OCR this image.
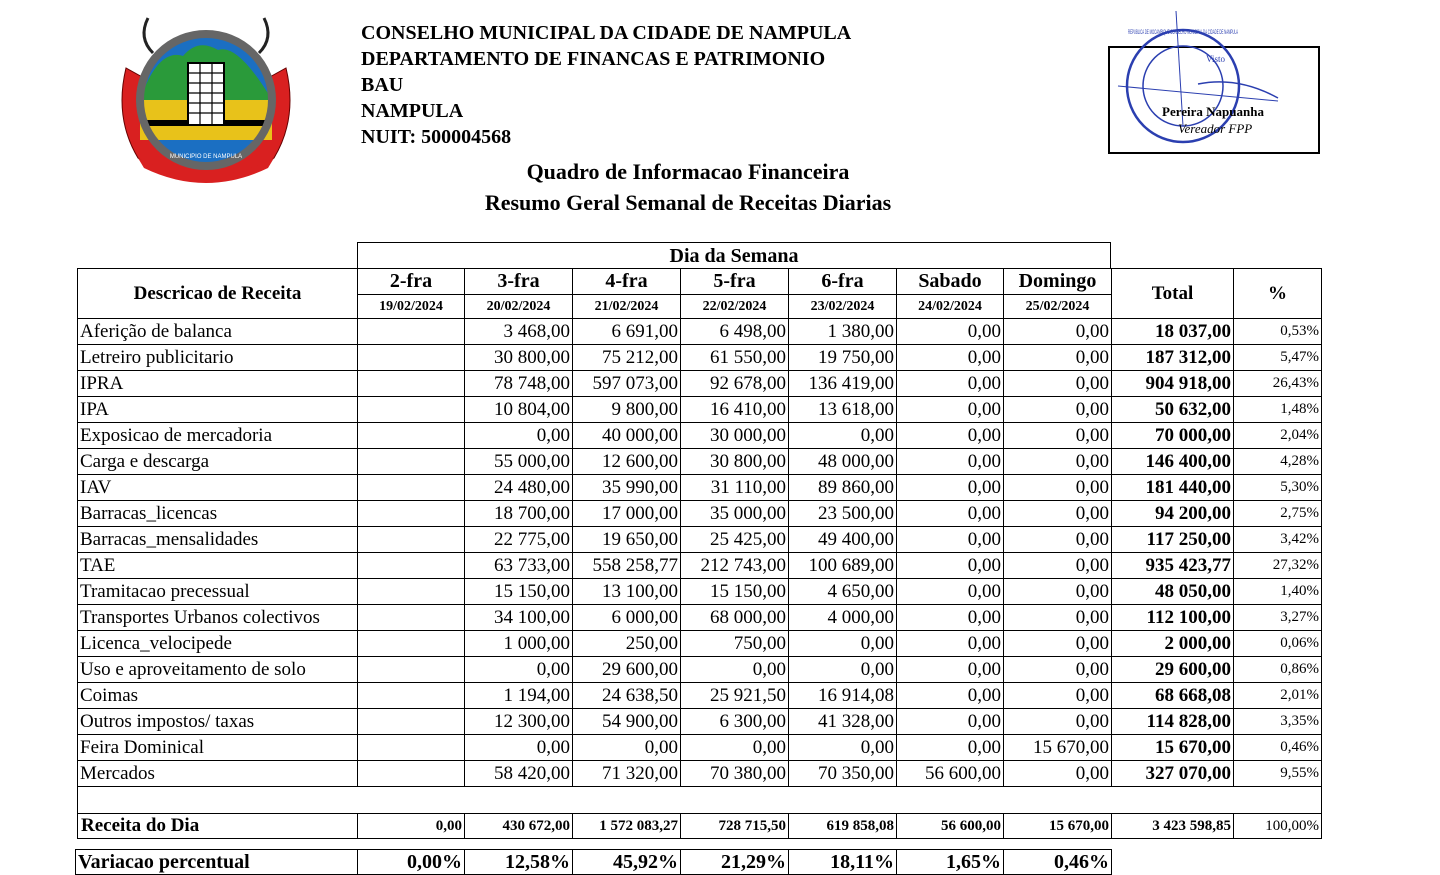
MUNICIPIO DE NAMPULA
CONSELHO MUNICIPAL DA CIDADE DE NAMPULA
DEPARTAMENTO DE FINANCAS E PATRIMONIO
BAU
NAMPULA
NUIT: 500004568
Quadro de Informacao Financeira
Resumo Geral Semanal de Receitas Diarias
REPUBLICA DE MOCAMBIQUE CONSELHO MUNICIPAL DA CIDADE DE NAMPULA
Visto
Pereira Napuanha
Vereador FPP
Dia da Semana
Descricao de Receita	2-fra	3-fra	4-fra	5-fra	6-fra	Sabado	Domingo	Total	%
	19/02/2024	20/02/2024	21/02/2024	22/02/2024	23/02/2024	24/02/2024	25/02/2024		
Aferição de balanca		3 468,00	6 691,00	6 498,00	1 380,00	0,00	0,00	18 037,00	0,53%
Letreiro publicitario		30 800,00	75 212,00	61 550,00	19 750,00	0,00	0,00	187 312,00	5,47%
IPRA		78 748,00	597 073,00	92 678,00	136 419,00	0,00	0,00	904 918,00	26,43%
IPA		10 804,00	9 800,00	16 410,00	13 618,00	0,00	0,00	50 632,00	1,48%
Exposicao de mercadoria		0,00	40 000,00	30 000,00	0,00	0,00	0,00	70 000,00	2,04%
Carga e descarga		55 000,00	12 600,00	30 800,00	48 000,00	0,00	0,00	146 400,00	4,28%
IAV		24 480,00	35 990,00	31 110,00	89 860,00	0,00	0,00	181 440,00	5,30%
Barracas_licencas		18 700,00	17 000,00	35 000,00	23 500,00	0,00	0,00	94 200,00	2,75%
Barracas_mensalidades		22 775,00	19 650,00	25 425,00	49 400,00	0,00	0,00	117 250,00	3,42%
TAE		63 733,00	558 258,77	212 743,00	100 689,00	0,00	0,00	935 423,77	27,32%
Tramitacao precessual		15 150,00	13 100,00	15 150,00	4 650,00	0,00	0,00	48 050,00	1,40%
Transportes Urbanos colectivos		34 100,00	6 000,00	68 000,00	4 000,00	0,00	0,00	112 100,00	3,27%
Licenca_velocipede		1 000,00	250,00	750,00	0,00	0,00	0,00	2 000,00	0,06%
Uso e aproveitamento de solo		0,00	29 600,00	0,00	0,00	0,00	0,00	29 600,00	0,86%
Coimas		1 194,00	24 638,50	25 921,50	16 914,08	0,00	0,00	68 668,08	2,01%
Outros impostos/ taxas		12 300,00	54 900,00	6 300,00	41 328,00	0,00	0,00	114 828,00	3,35%
Feira Dominical		0,00	0,00	0,00	0,00	0,00	15 670,00	15 670,00	0,46%
Mercados		58 420,00	71 320,00	70 380,00	70 350,00	56 600,00	0,00	327 070,00	9,55%

Receita do Dia	0,00	430 672,00	1 572 083,27	728 715,50	619 858,08	56 600,00	15 670,00	3 423 598,85	100,00%
Variacao percentual	0,00%	12,58%	45,92%	21,29%	18,11%	1,65%	0,46%
